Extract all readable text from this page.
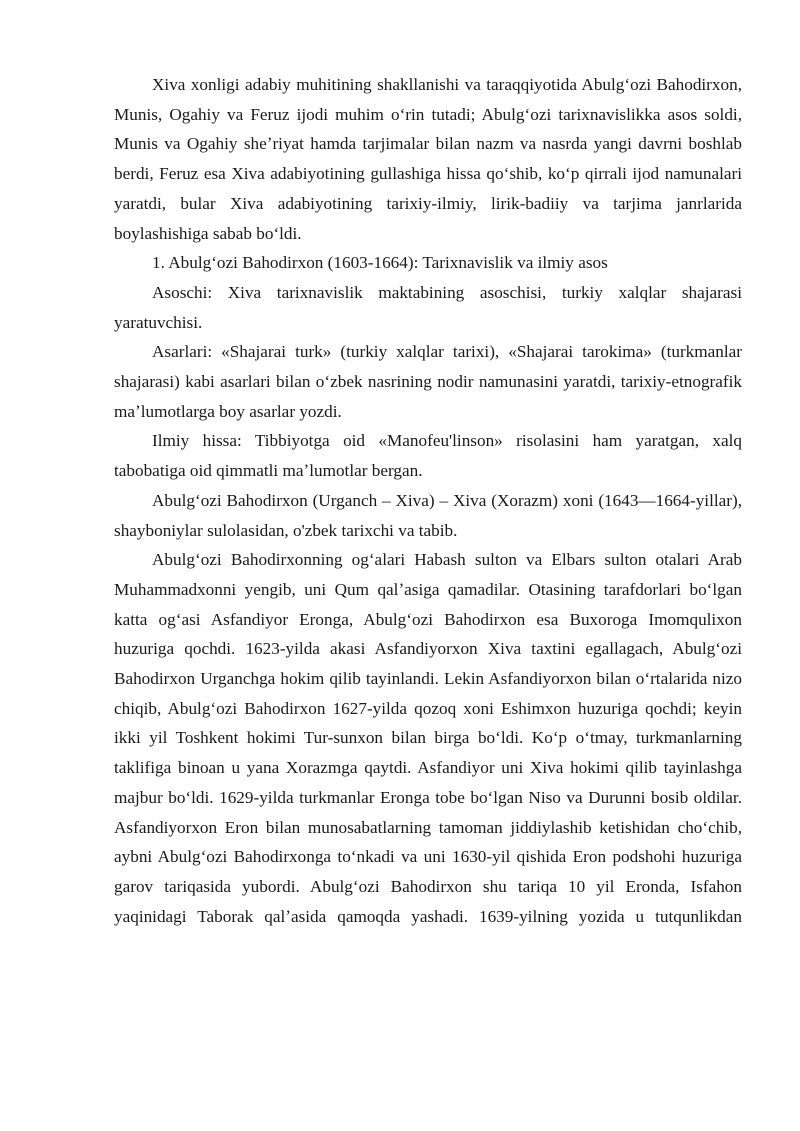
Xiva xonligi adabiy muhitining shakllanishi va taraqqiyotida Abulgʻozi Bahodirxon, Munis, Ogahiy va Feruz ijodi muhim oʻrin tutadi; Abulgʻozi tarixnavislikka asos soldi, Munis va Ogahiy sheʼriyat hamda tarjimalar bilan nazm va nasrda yangi davrni boshlab berdi, Feruz esa Xiva adabiyotining gullashiga hissa qoʻshib, koʻp qirrali ijod namunalari yaratdi, bular Xiva adabiyotining tarixiy-ilmiy, lirik-badiiy va tarjima janrlarida boylashishiga sabab boʻldi.

1. Abulgʻozi Bahodirxon (1603-1664): Tarixnavislik va ilmiy asos

Asoschi: Xiva tarixnavislik maktabining asoschisi, turkiy xalqlar shajarasi yaratuvchisi.

Asarlari: «Shajarai turk» (turkiy xalqlar tarixi), «Shajarai tarokima» (turkmanlar shajarasi) kabi asarlari bilan oʻzbek nasrining nodir namunasini yaratdi, tarixiy-etnografik maʼlumotlarga boy asarlar yozdi.

Ilmiy hissa: Tibbiyotga oid «Manofeu'linson» risolasini ham yaratgan, xalq tabobatiga oid qimmatli maʼlumotlar bergan.

Abulgʻozi Bahodirxon (Urganch – Xiva) – Xiva (Xorazm) xoni (1643—1664-yillar), shayboniylar sulolasidan, o'zbek tarixchi va tabib.

Abulgʻozi Bahodirxonning ogʻalari Habash sulton va Elbars sulton otalari Arab Muhammadxonni yengib, uni Qum qalʼasiga qamadilar. Otasining tarafdorlari boʻlgan katta ogʻasi Asfandiyor Eronga, Abulgʻozi Bahodirxon esa Buxoroga Imomqulixon huzuriga qochdi. 1623-yilda akasi Asfandiyorxon Xiva taxtini egallagach, Abulgʻozi Bahodirxon Urganchga hokim qilib tayinlandi. Lekin Asfandiyorxon bilan oʻrtalarida nizo chiqib, Abulgʻozi Bahodirxon 1627-yilda qozoq xoni Eshimxon huzuriga qochdi; keyin ikki yil Toshkent hokimi Tur-sunxon bilan birga boʻldi. Koʻp oʻtmay, turkmanlarning taklifiga binoan u yana Xorazmga qaytdi. Asfandiyor uni Xiva hokimi qilib tayinlashga majbur boʻldi. 1629-yilda turkmanlar Eronga tobe boʻlgan Niso va Durunni bosib oldilar. Asfandiyorxon Eron bilan munosabatlarning tamoman jiddiylashib ketishidan choʻchib, aybni Abulgʻozi Bahodirxonga toʻnkadi va uni 1630-yil qishida Eron podshohi huzuriga garov tariqasida yubordi. Abulgʻozi Bahodirxon shu tariqa 10 yil Eronda, Isfahon yaqinidagi Taborak qalʼasida qamoqda yashadi. 1639-yilning yozida u tutqunlikdan
